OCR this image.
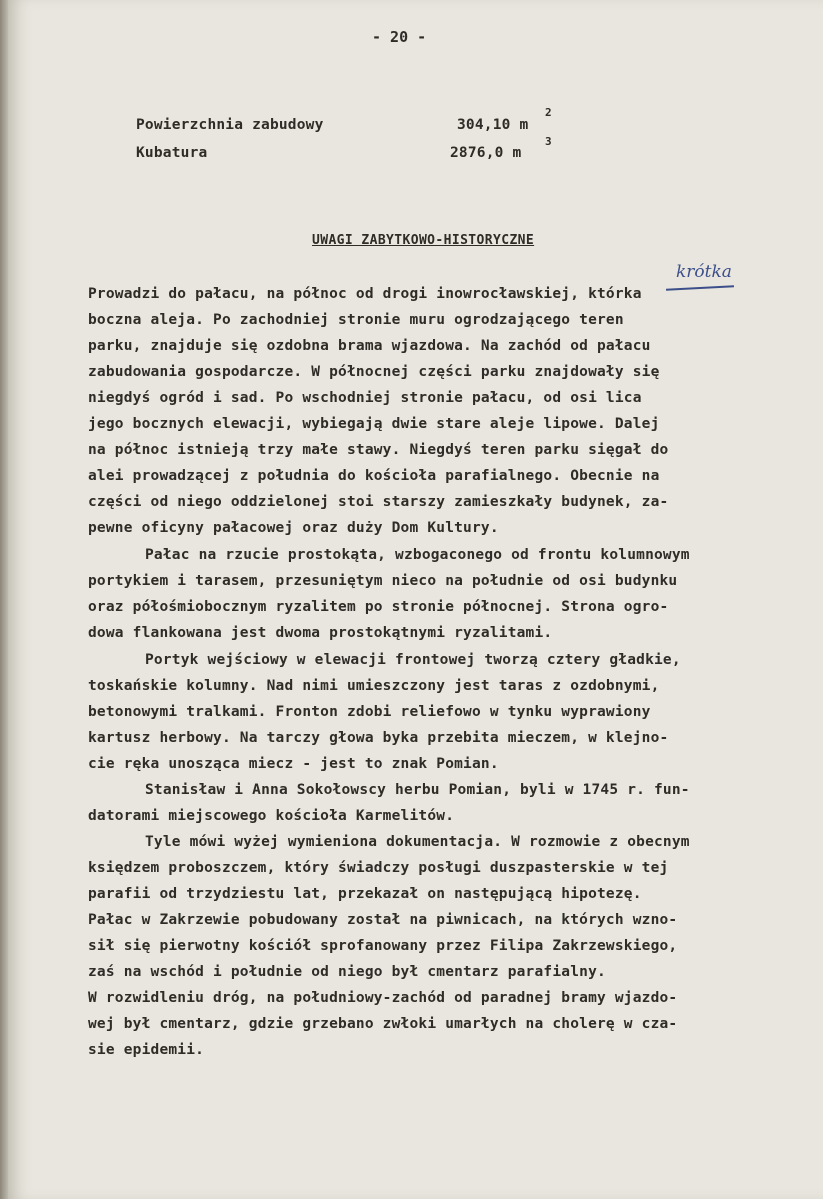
- 20 -
Powierzchnia zabudowy	304,10 m
2
Kubatura	2876,0 m
3
UWAGI ZABYTKOWO-HISTORYCZNE
krótka
Prowadzi do pałacu, na północ od drogi inowrocławskiej, którka
boczna aleja. Po zachodniej stronie muru ogrodzającego teren
parku, znajduje się ozdobna brama wjazdowa. Na zachód od pałacu
zabudowania gospodarcze. W północnej części parku znajdowały się
niegdyś ogród i sad. Po wschodniej stronie pałacu, od osi lica
jego bocznych elewacji, wybiegają dwie stare aleje lipowe. Dalej
na północ istnieją trzy małe stawy. Niegdyś teren parku sięgał do
alei prowadzącej z południa do kościoła parafialnego. Obecnie na
części od niego oddzielonej stoi starszy zamieszkały budynek, za-
pewne oficyny pałacowej oraz duży Dom Kultury.
Pałac na rzucie prostokąta, wzbogaconego od frontu kolumnowym
portykiem i tarasem, przesuniętym nieco na południe od osi budynku
oraz półośmiobocznym ryzalitem po stronie północnej. Strona ogro-
dowa flankowana jest dwoma prostokątnymi ryzalitami.
Portyk wejściowy w elewacji frontowej tworzą cztery gładkie,
toskańskie kolumny. Nad nimi umieszczony jest taras z ozdobnymi,
betonowymi tralkami. Fronton zdobi reliefowo w tynku wyprawiony
kartusz herbowy. Na tarczy głowa byka przebita mieczem, w klejno-
cie ręka unosząca miecz - jest to znak Pomian.
Stanisław i Anna Sokołowscy herbu Pomian, byli w 1745 r. fun-
datorami miejscowego kościoła Karmelitów.
Tyle mówi wyżej wymieniona dokumentacja. W rozmowie z obecnym
księdzem proboszczem, który świadczy posługi duszpasterskie w tej
parafii od trzydziestu lat, przekazał on następującą hipotezę.
Pałac w Zakrzewie pobudowany został na piwnicach, na których wzno-
sił się pierwotny kościół sprofanowany przez Filipa Zakrzewskiego,
zaś na wschód i południe od niego był cmentarz parafialny.
W rozwidleniu dróg, na południowy-zachód od paradnej bramy wjazdo-
wej był cmentarz, gdzie grzebano zwłoki umarłych na cholerę w cza-
sie epidemii.
